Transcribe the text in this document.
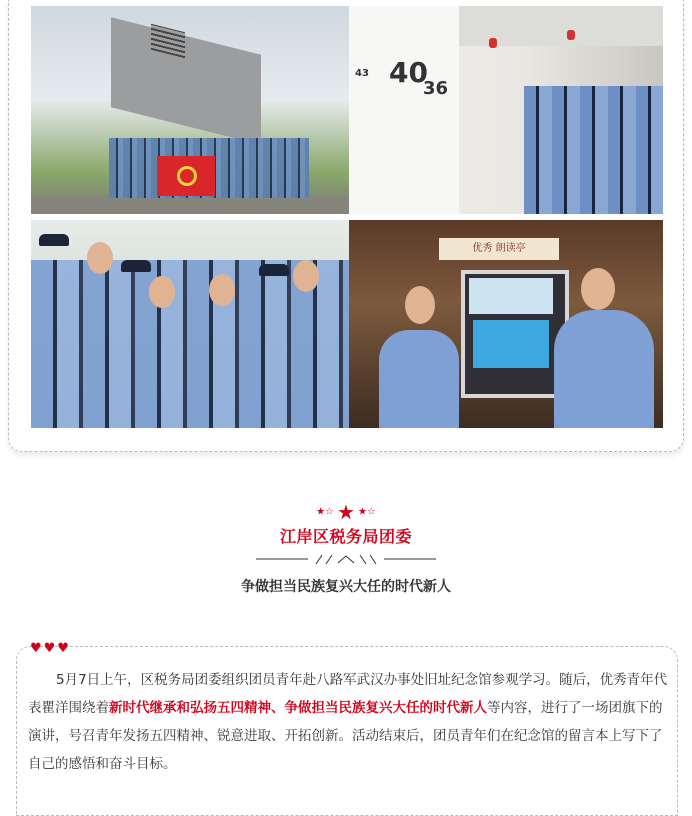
43 40
36
优秀 朗读亭
★☆ ★ ★☆
江岸区税务局团委
争做担当民族复兴大任的时代新人
♥♥♥
5月7日上午，区税务局团委组织团员青年赴八路军武汉办事处旧址纪念馆参观学习。随后，优秀青年代表瞿洋围绕着新时代继承和弘扬五四精神、争做担当民族复兴大任的时代新人等内容，进行了一场团旗下的演讲，号召青年发扬五四精神、锐意进取、开拓创新。活动结束后，团员青年们在纪念馆的留言本上写下了自己的感悟和奋斗目标。
